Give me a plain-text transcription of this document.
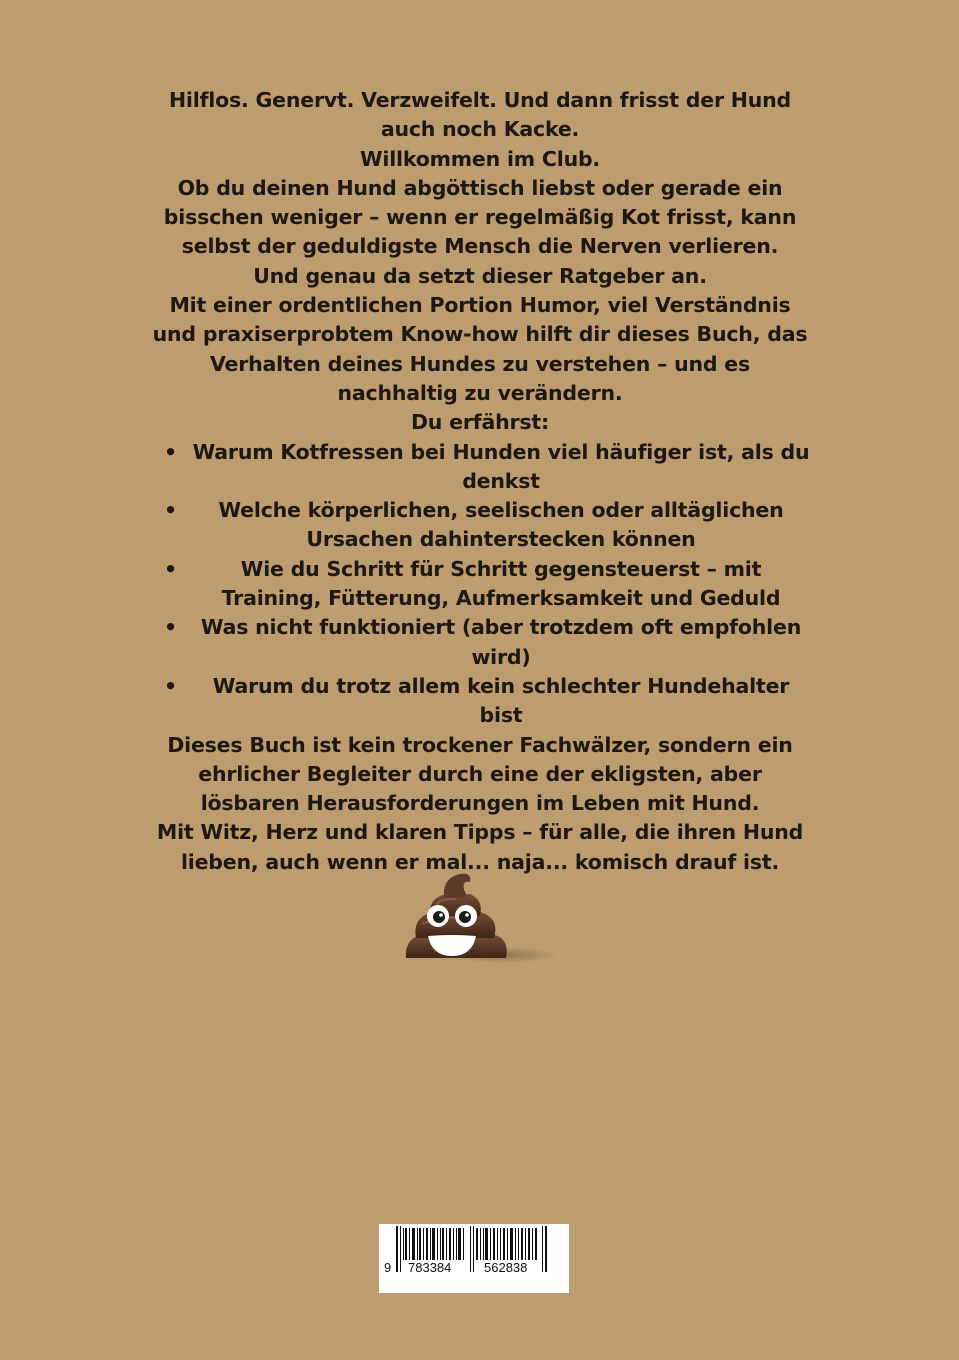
Hilflos. Genervt. Verzweifelt. Und dann frisst der Hund auch noch Kacke.

Willkommen im Club.

Ob du deinen Hund abgöttisch liebst oder gerade ein bisschen weniger – wenn er regelmäßig Kot frisst, kann selbst der geduldigste Mensch die Nerven verlieren.

Und genau da setzt dieser Ratgeber an.

Mit einer ordentlichen Portion Humor, viel Verständnis und praxiserprobtem Know-how hilft dir dieses Buch, das Verhalten deines Hundes zu verstehen – und es nachhaltig zu verändern.

Du erfährst:

• Warum Kotfressen bei Hunden viel häufiger ist, als du denkst
• Welche körperlichen, seelischen oder alltäglichen Ursachen dahinterstecken können
•	Wie du Schritt für Schritt gegensteuerst – mit Training, Fütterung, Aufmerksamkeit und Geduld
• Was nicht funktioniert (aber trotzdem oft empfohlen wird)
• Warum du trotz allem kein schlechter Hundehalter bist

Dieses Buch ist kein trockener Fachwälzer, sondern ein ehrlicher Begleiter durch eine der ekligsten, aber lösbaren Herausforderungen im Leben mit Hund.

Mit Witz, Herz und klaren Tipps – für alle, die ihren Hund lieben, auch wenn er mal... naja... komisch drauf ist.

9 783384	562838
